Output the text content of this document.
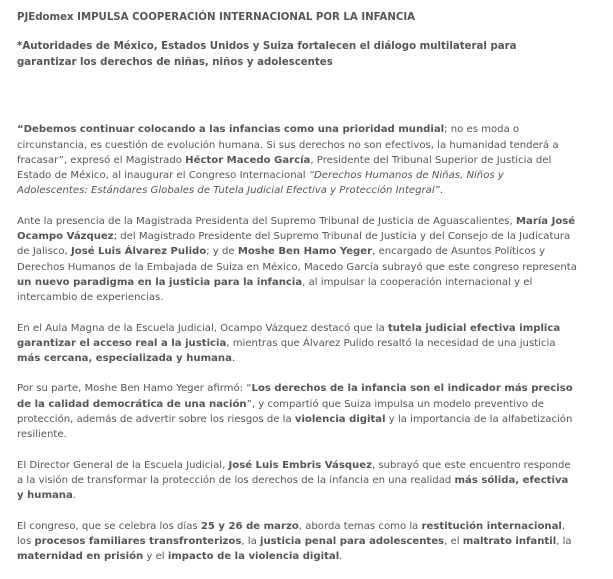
PJEdomex IMPULSA COOPERACIÓN INTERNACIONAL POR LA INFANCIA
*Autoridades de México, Estados Unidos y Suiza fortalecen el diálogo multilateral para garantizar los derechos de niñas, niños y adolescentes
“Debemos continuar colocando a las infancias como una prioridad mundial; no es moda o circunstancia, es cuestión de evolución humana. Si sus derechos no son efectivos, la humanidad tenderá a fracasar”, expresó el Magistrado Héctor Macedo García, Presidente del Tribunal Superior de Justicia del Estado de México, al inaugurar el Congreso Internacional “Derechos Humanos de Niñas, Niños y Adolescentes: Estándares Globales de Tutela Judicial Efectiva y Protección Integral”.
Ante la presencia de la Magistrada Presidenta del Supremo Tribunal de Justicia de Aguascalientes, María José Ocampo Vázquez; del Magistrado Presidente del Supremo Tribunal de Justicia y del Consejo de la Judicatura de Jalisco, José Luis Álvarez Pulido; y de Moshe Ben Hamo Yeger, encargado de Asuntos Políticos y Derechos Humanos de la Embajada de Suiza en México, Macedo García subrayó que este congreso representa un nuevo paradigma en la justicia para la infancia, al impulsar la cooperación internacional y el intercambio de experiencias.
En el Aula Magna de la Escuela Judicial, Ocampo Vázquez destacó que la tutela judicial efectiva implica garantizar el acceso real a la justicia, mientras que Álvarez Pulido resaltó la necesidad de una justicia más cercana, especializada y humana.
Por su parte, Moshe Ben Hamo Yeger afirmó: “Los derechos de la infancia son el indicador más preciso de la calidad democrática de una nación”, y compartió que Suiza impulsa un modelo preventivo de protección, además de advertir sobre los riesgos de la violencia digital y la importancia de la alfabetización resiliente.
El Director General de la Escuela Judicial, José Luis Embris Vásquez, subrayó que este encuentro responde a la visión de transformar la protección de los derechos de la infancia en una realidad más sólida, efectiva y humana.
El congreso, que se celebra los días 25 y 26 de marzo, aborda temas como la restitución internacional, los procesos familiares transfronterizos, la justicia penal para adolescentes, el maltrato infantil, la maternidad en prisión y el impacto de la violencia digital.
